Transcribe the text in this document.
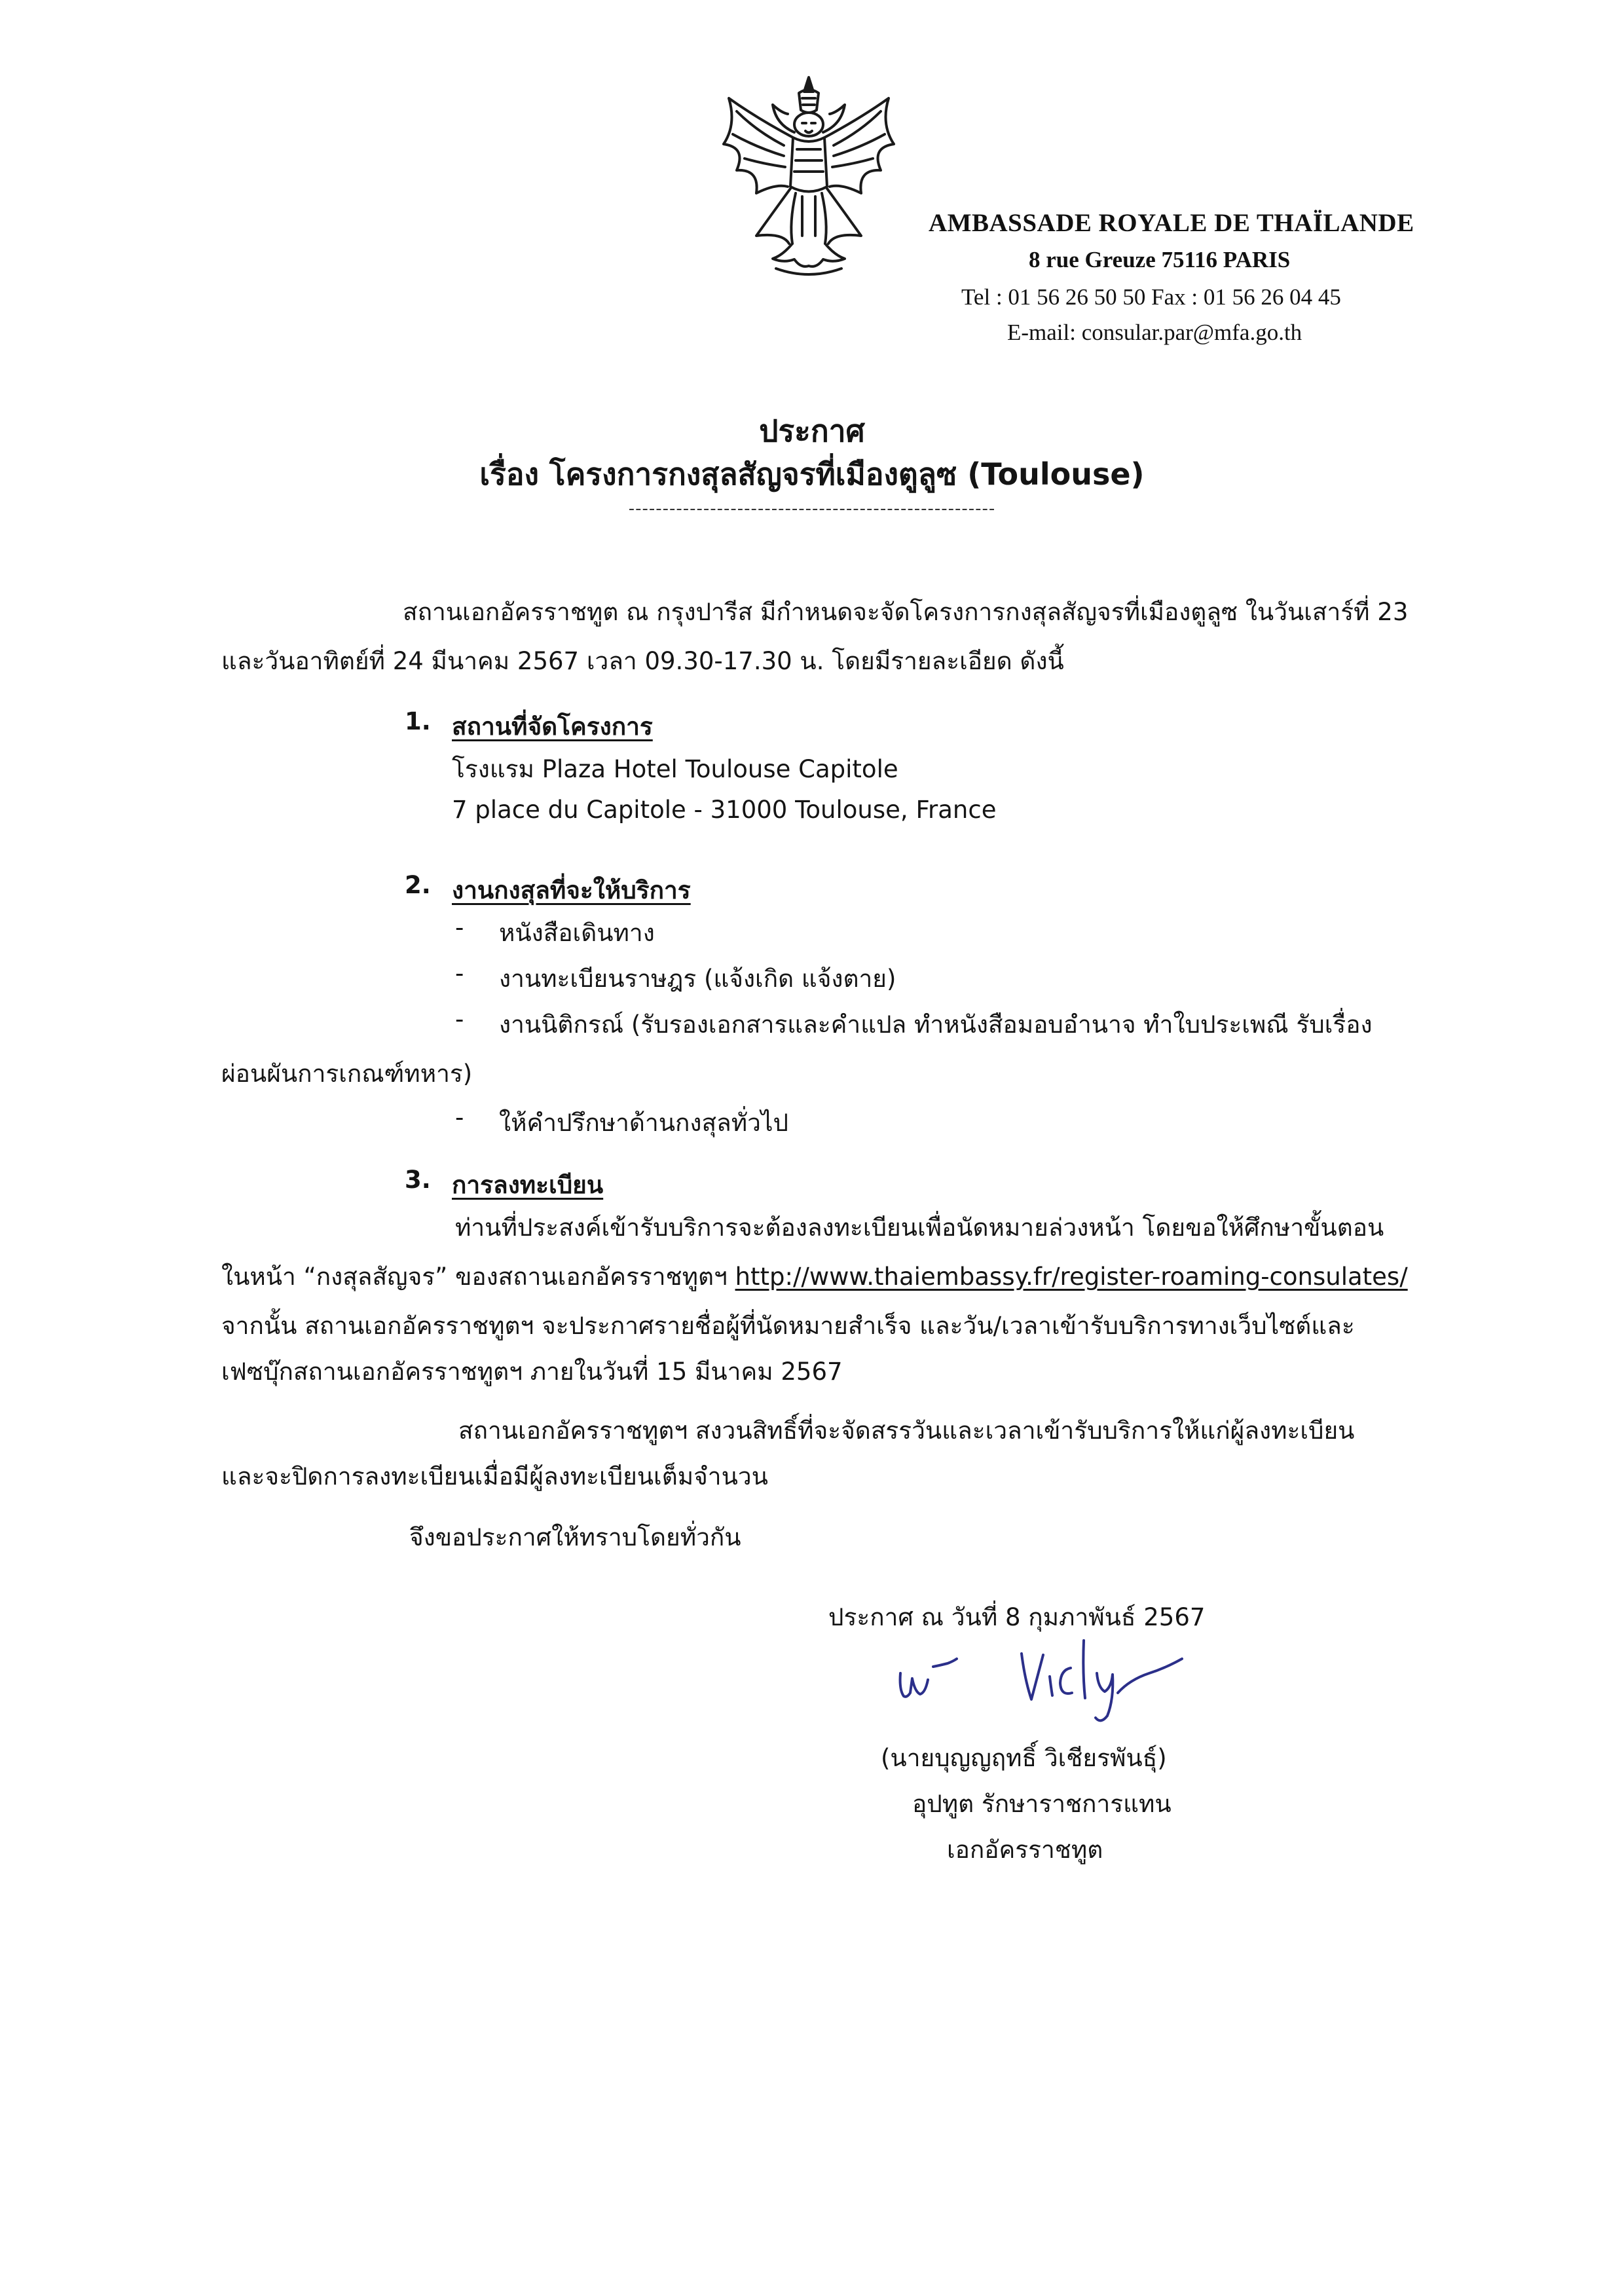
AMBASSADE ROYALE DE THAÏLANDE
8 rue Greuze 75116 PARIS
Tel : 01 56 26 50 50 Fax : 01 56 26 04 45
E-mail: consular.par@mfa.go.th
ประกาศ
เรื่อง โครงการกงสุลสัญจรที่เมืองตูลูซ (Toulouse)
------------------------------------------------------
สถานเอกอัครราชทูต ณ กรุงปารีส มีกำหนดจะจัดโครงการกงสุลสัญจรที่เมืองตูลูซ ในวันเสาร์ที่ 23
และวันอาทิตย์ที่ 24 มีนาคม 2567 เวลา 09.30-17.30 น. โดยมีรายละเอียด ดังนี้
1. สถานที่จัดโครงการ
โรงแรม Plaza Hotel Toulouse Capitole
7 place du Capitole - 31000 Toulouse, France
2. งานกงสุลที่จะให้บริการ
- หนังสือเดินทาง
- งานทะเบียนราษฎร (แจ้งเกิด แจ้งตาย)
- งานนิติกรณ์ (รับรองเอกสารและคำแปล ทำหนังสือมอบอำนาจ ทำใบประเพณี รับเรื่อง
ผ่อนผันการเกณฑ์ทหาร)
- ให้คำปรึกษาด้านกงสุลทั่วไป
3. การลงทะเบียน
ท่านที่ประสงค์เข้ารับบริการจะต้องลงทะเบียนเพื่อนัดหมายล่วงหน้า โดยขอให้ศึกษาขั้นตอน
ในหน้า “กงสุลสัญจร” ของสถานเอกอัครราชทูตฯ http://www.thaiembassy.fr/register-roaming-consulates/
จากนั้น สถานเอกอัครราชทูตฯ จะประกาศรายชื่อผู้ที่นัดหมายสำเร็จ และวัน/เวลาเข้ารับบริการทางเว็บไซต์และ
เฟซบุ๊กสถานเอกอัครราชทูตฯ ภายในวันที่ 15 มีนาคม 2567
สถานเอกอัครราชทูตฯ สงวนสิทธิ์ที่จะจัดสรรวันและเวลาเข้ารับบริการให้แก่ผู้ลงทะเบียน
และจะปิดการลงทะเบียนเมื่อมีผู้ลงทะเบียนเต็มจำนวน
จึงขอประกาศให้ทราบโดยทั่วกัน
ประกาศ ณ วันที่ 8 กุมภาพันธ์ 2567
(นายบุญญฤทธิ์ วิเชียรพันธุ์)
อุปทูต รักษาราชการแทน
เอกอัครราชทูต
